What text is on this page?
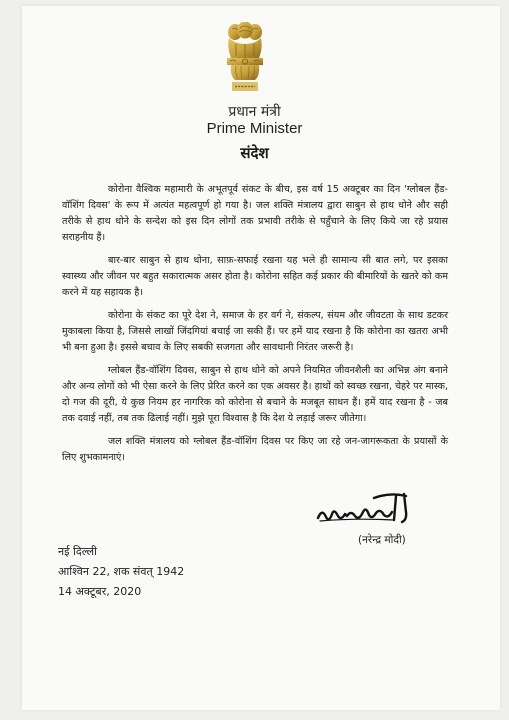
प्रधान मंत्री
Prime Minister
संदेश

कोरोना वैश्विक महामारी के अभूतपूर्व संकट के बीच, इस वर्ष 15 अक्टूबर का दिन 'ग्लोबल हैंड-वॉशिंग दिवस' के रूप में अत्यंत महत्वपूर्ण हो गया है। जल शक्ति मंत्रालय द्वारा साबुन से हाथ धोने और सही तरीके से हाथ धोने के सन्देश को इस दिन लोगों तक प्रभावी तरीके से पहुँचाने के लिए किये जा रहे प्रयास सराहनीय हैं।

बार-बार साबुन से हाथ धोना, साफ़-सफाई रखना यह भले ही सामान्य सी बात लगे, पर इसका स्वास्थ्य और जीवन पर बहुत सकारात्मक असर होता है। कोरोना सहित कई प्रकार की बीमारियों के खतरे को कम करने में यह सहायक है।

कोरोना के संकट का पूरे देश ने, समाज के हर वर्ग ने, संकल्प, संयम और जीवटता के साथ डटकर मुकाबला किया है, जिससे लाखों जिंदगियां बचाई जा सकी हैं। पर हमें याद रखना है कि कोरोना का खतरा अभी भी बना हुआ है। इससे बचाव के लिए सबकी सजगता और सावधानी निरंतर जरूरी है।

ग्लोबल हैंड-वॉशिंग दिवस, साबुन से हाथ धोने को अपने नियमित जीवनशैली का अभिन्न अंग बनाने और अन्य लोगों को भी ऐसा करने के लिए प्रेरित करने का एक अवसर है। हाथों को स्वच्छ रखना, चेहरे पर मास्क, दो गज की दूरी, ये कुछ नियम हर नागरिक को कोरोना से बचाने के मजबूत साधन हैं। हमें याद रखना है - जब तक दवाई नहीं, तब तक ढिलाई नहीं। मुझे पूरा विश्वास है कि देश ये लड़ाई जरूर जीतेगा।

जल शक्ति मंत्रालय को ग्लोबल हैंड-वॉशिंग दिवस पर किए जा रहे जन-जागरूकता के प्रयासों के लिए शुभकामनाएं।

(नरेन्द्र मोदी)
नई दिल्ली
आश्विन 22, शक संवत् 1942
14 अक्टूबर, 2020
